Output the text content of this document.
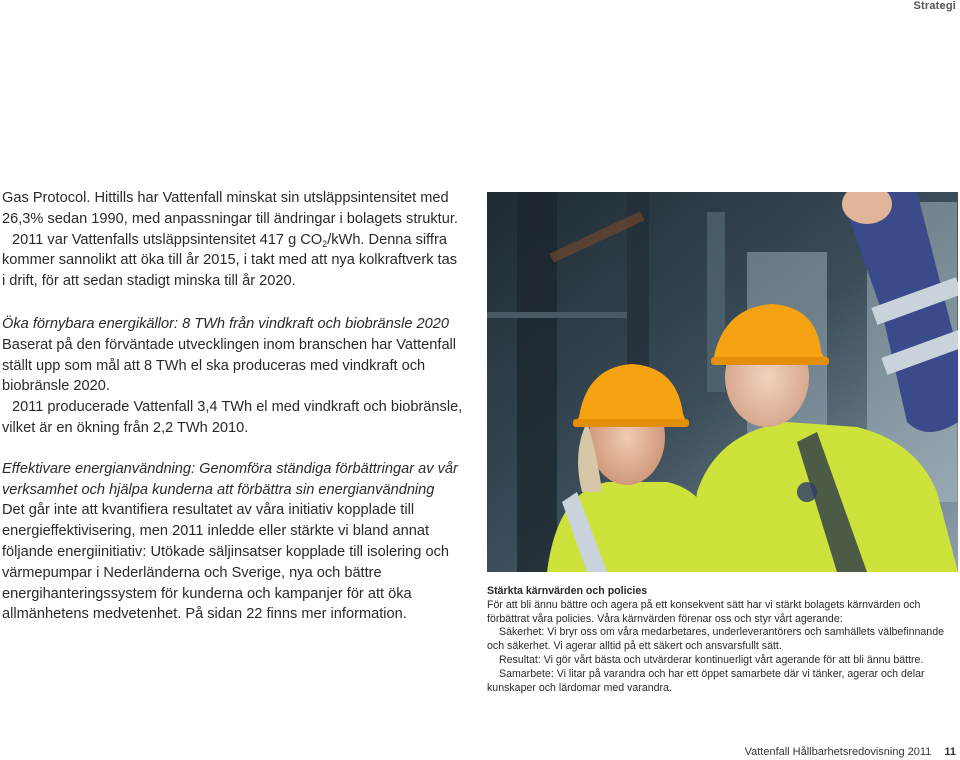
Strategi

Gas Protocol. Hittills har Vattenfall minskat sin utsläppsintensitet med 26,3% sedan 1990, med anpassningar till ändringar i bolagets struktur.

2011 var Vattenfalls utsläppsintensitet 417 g $CO_2$/kWh. Denna siffra kommer sannolikt att öka till år 2015, i takt med att nya kolkraftverk tas i drift, för att sedan stadigt minska till år 2020.

Öka förnybara energikällor: 8 TWh från vindkraft och biobränsle 2020

Baserat på den förväntade utvecklingen inom branschen har Vattenfall ställt upp som mål att 8 TWh el ska produceras med vindkraft och biobränsle 2020.

2011 producerade Vattenfall 3,4 TWh el med vindkraft och biobränsle, vilket är en ökning från 2,2 TWh 2010.

Effektivare energianvändning: Genomföra ständiga förbättringar av vår verksamhet och hjälpa kunderna att förbättra sin energianvändning

Det går inte att kvantifiera resultatet av våra initiativ kopplade till energieffektivisering, men 2011 inledde eller stärkte vi bland annat följande energiinitiativ: Utökade säljinsatser kopplade till isolering och värmepumpar i Nederländerna och Sverige, nya och bättre energihanteringssystem för kunderna och kampanjer för att öka allmänhetens medvetenhet. På sidan 22 finns mer information.

Stärkta kärnvärden och policies

För att bli ännu bättre och agera på ett konsekvent sätt har vi stärkt bolagets kärnvärden och förbättrat våra policies. Våra kärnvärden förenar oss och styr vårt agerande:

Säkerhet: Vi bryr oss om våra medarbetares, underleverantörers och samhällets välbefinnande och säkerhet. Vi agerar alltid på ett säkert och ansvarsfullt sätt.

Resultat: Vi gör vårt bästa och utvärderar kontinuerligt vårt agerande för att bli ännu bättre.

Samarbete: Vi litar på varandra och har ett öppet samarbete där vi tänker, agerar och delar kunskaper och lärdomar med varandra.

Vattenfall Hållbarhetsredovisning 2011 11
